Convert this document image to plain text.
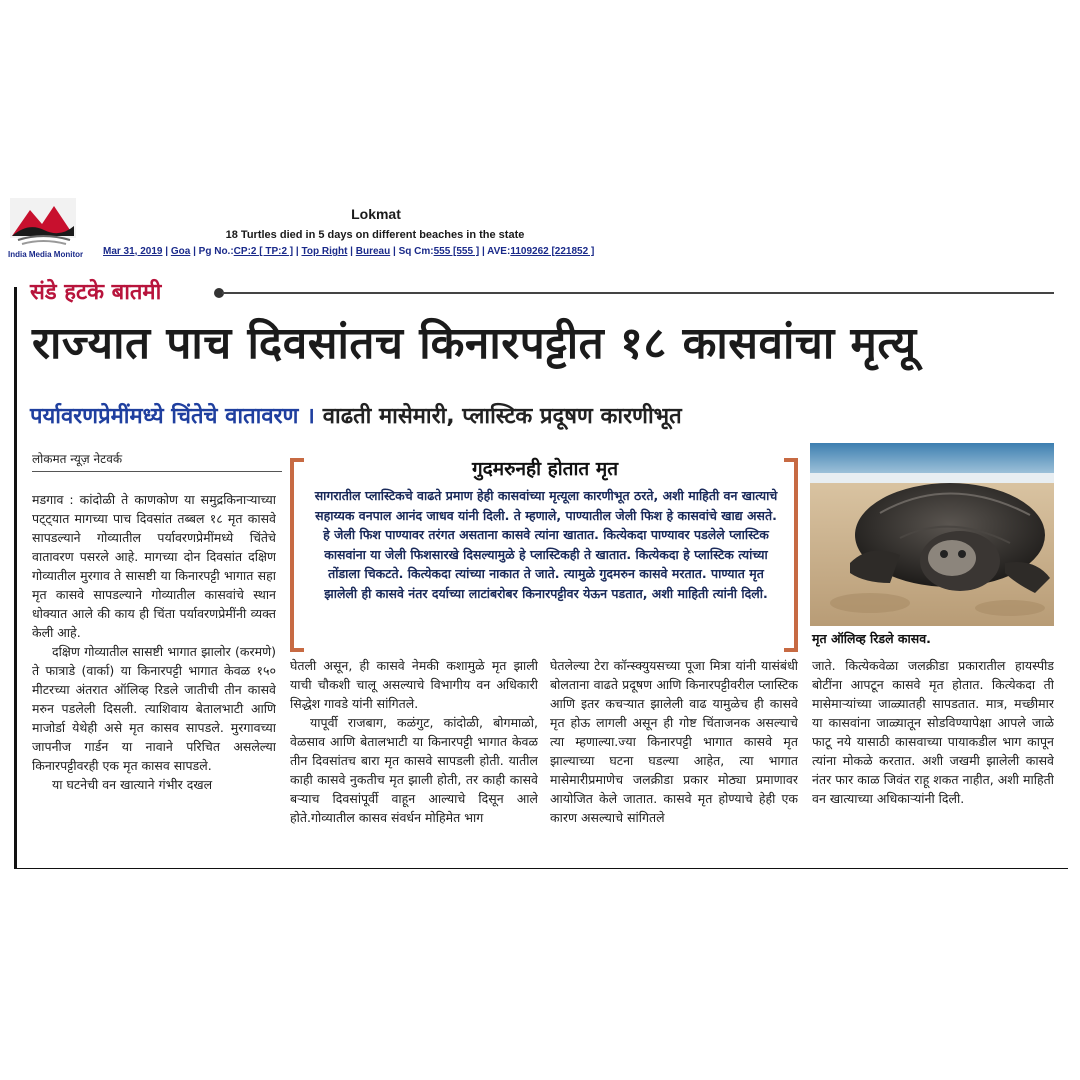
India Media Monitor
Lokmat
18 Turtles died in 5 days on different beaches in the state
Mar 31, 2019 | Goa | Pg No.:CP:2 [ TP:2 ] | Top Right | Bureau | Sq Cm:555 [555 ] | AVE:1109262 [221852 ]
संडे हटके बातमी
राज्यात पाच दिवसांतच किनारपट्टीत १८ कासवांचा मृत्यू
पर्यावरणप्रेमींमध्ये चिंतेचे वातावरण । वाढती मासेमारी, प्लास्टिक प्रदूषण कारणीभूत
लोकमत न्यूज़ नेटवर्क

मडगाव : कांदोळी ते काणकोण या समुद्रकिनाऱ्याच्या पट्ट्यात मागच्या पाच दिवसांत तब्बल १८ मृत कासवे सापडल्याने गोव्यातील पर्यावरणप्रेमींमध्ये चिंतेचे वातावरण पसरले आहे. मागच्या दोन दिवसांत दक्षिण गोव्यातील मुरगाव ते सासष्टी या किनारपट्टी भागात सहा मृत कासवे सापडल्याने गोव्यातील कासवांचे स्थान धोक्यात आले की काय ही चिंता पर्यावरणप्रेमींनी व्यक्त केली आहे.

दक्षिण गोव्यातील सासष्टी भागात झालोर (करमणे) ते फात्राडे (वार्का) या किनारपट्टी भागात केवळ १५० मीटरच्या अंतरात ऑलिव्ह रिडले जातीची तीन कासवे मरुन पडलेली दिसली. त्याशिवाय बेतालभाटी आणि माजोर्डा येथेही असे मृत कासव सापडले. मुरगावच्या जापनीज गार्डन या नावाने परिचित असलेल्या किनारपट्टीवरही एक मृत कासव सापडले.

या घटनेची वन खात्याने गंभीर दखल

गुदमरुनही होतात मृत
सागरातील प्लास्टिकचे वाढते प्रमाण हेही कासवांच्या मृत्यूला कारणीभूत ठरते, अशी माहिती वन खात्याचे सहाय्यक वनपाल आनंद जाधव यांनी दिली. ते म्हणाले, पाण्यातील जेली फिश हे कासवांचे खाद्य असते. हे जेली फिश पाण्यावर तरंगत असताना कासवे त्यांना खातात. कित्येकदा पाण्यावर पडलेले प्लास्टिक कासवांना या जेली फिशसारखे दिसल्यामुळे हे प्लास्टिकही ते खातात. कित्येकदा हे प्लास्टिक त्यांच्या तोंडाला चिकटते. कित्येकदा त्यांच्या नाकात ते जाते. त्यामुळे गुदमरुन कासवे मरतात. पाण्यात मृत झालेली ही कासवे नंतर दर्याच्या लाटांबरोबर किनारपट्टीवर येऊन पडतात, अशी माहिती त्यांनी दिली.
मृत ऑलिव्ह रिडले कासव.

घेतली असून, ही कासवे नेमकी कशामुळे मृत झाली याची चौकशी चालू असल्याचे विभागीय वन अधिकारी सिद्धेश गावडे यांनी सांगितले.

यापूर्वी राजबाग, कळंगुट, कांदोळी, बोगमाळो, वेळसाव आणि बेतालभाटी या किनारपट्टी भागात केवळ तीन दिवसांतच बारा मृत कासवे सापडली होती. यातील काही कासवे नुकतीच मृत झाली होती, तर काही कासवे बऱ्याच दिवसांपूर्वी वाहून आल्याचे दिसून आले होते.गोव्यातील कासव संवर्धन मोहिमेत भाग

घेतलेल्या टेरा कॉन्स्क्युयसच्या पूजा मित्रा यांनी यासंबंधी बोलताना वाढते प्रदूषण आणि किनारपट्टीवरील प्लास्टिक आणि इतर कचऱ्यात झालेली वाढ यामुळेच ही कासवे मृत होऊ लागली असून ही गोष्ट चिंताजनक असल्याचे त्या म्हणाल्या.ज्या किनारपट्टी भागात कासवे मृत झाल्याच्या घटना घडल्या आहेत, त्या भागात मासेमारीप्रमाणेच जलक्रीडा प्रकार मोठ्या प्रमाणावर आयोजित केले जातात. कासवे मृत होण्याचे हेही एक कारण असल्याचे सांगितले

जाते. कित्येकवेळा जलक्रीडा प्रकारातील हायस्पीड बोटींना आपटून कासवे मृत होतात. कित्येकदा ती मासेमाऱ्यांच्या जाळ्यातही सापडतात. मात्र, मच्छीमार या कासवांना जाळ्यातून सोडविण्यापेक्षा आपले जाळे फाटू नये यासाठी कासवाच्या पायाकडील भाग कापून त्यांना मोकळे करतात. अशी जखमी झालेली कासवे नंतर फार काळ जिवंत राहू शकत नाहीत, अशी माहिती वन खात्याच्या अधिकाऱ्यांनी दिली.
